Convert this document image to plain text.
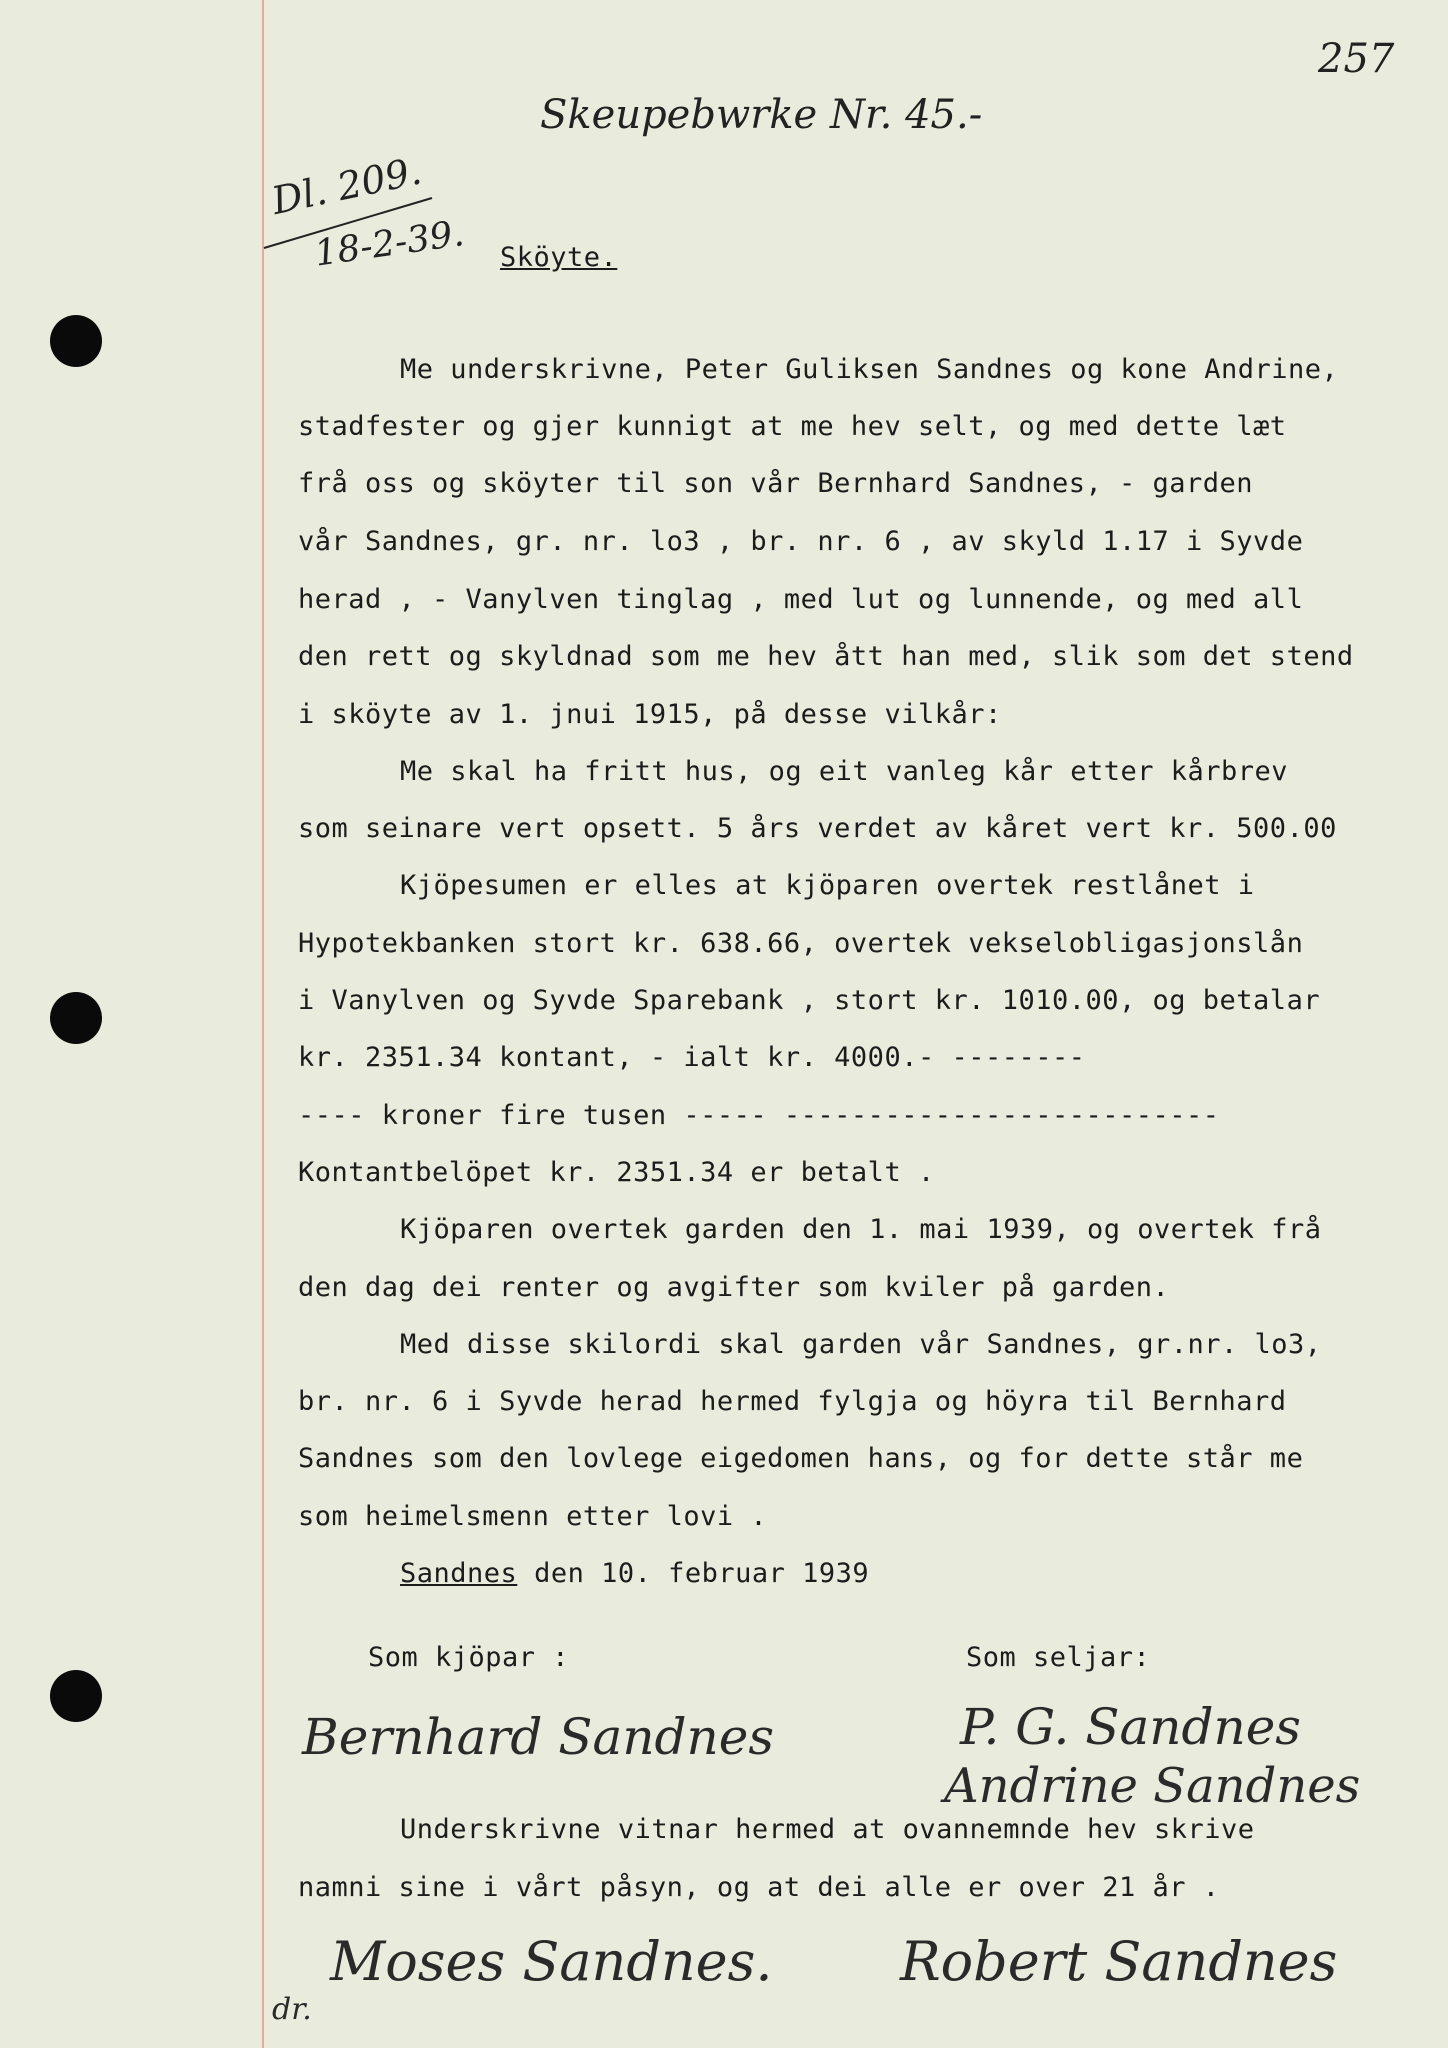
257
Skeupebwrke Nr. 45.-
Dl. 209.
18-2-39. Sköyte.
Me underskrivne, Peter Guliksen Sandnes og kone Andrine,
stadfester og gjer kunnigt at me hev selt, og med dette læt
frå oss og sköyter til son vår Bernhard Sandnes, - garden
vår Sandnes, gr. nr. lo3 , br. nr. 6 , av skyld 1.17 i Syvde
herad , - Vanylven tinglag , med lut og lunnende, og med all
den rett og skyldnad som me hev ått han med, slik som det stend
i sköyte av 1. jnui 1915, på desse vilkår:
Me skal ha fritt hus, og eit vanleg kår etter kårbrev
som seinare vert opsett. 5 års verdet av kåret vert kr. 500.00
Kjöpesumen er elles at kjöparen overtek restlånet i
Hypotekbanken stort kr. 638.66, overtek vekselobligasjonslån
i Vanylven og Syvde Sparebank , stort kr. 1010.00, og betalar
kr. 2351.34 kontant, - ialt kr. 4000.- --------
---- kroner fire tusen ----- --------------------------
Kontantbelöpet kr. 2351.34 er betalt .
Kjöparen overtek garden den 1. mai 1939, og overtek frå
den dag dei renter og avgifter som kviler på garden.
Med disse skilordi skal garden vår Sandnes, gr.nr. lo3,
br. nr. 6 i Syvde herad hermed fylgja og höyra til Bernhard
Sandnes som den lovlege eigedomen hans, og for dette står me
som heimelsmenn etter lovi .
Sandnes den 10. februar 1939
Som kjöpar :	Som seljar:
Bernhard Sandnes	P. G. Sandnes
Andrine Sandnes
Underskrivne vitnar hermed at ovannemnde hev skrive
namni sine i vårt påsyn, og at dei alle er over 21 år .
Moses Sandnes. Robert Sandnes
dr.
